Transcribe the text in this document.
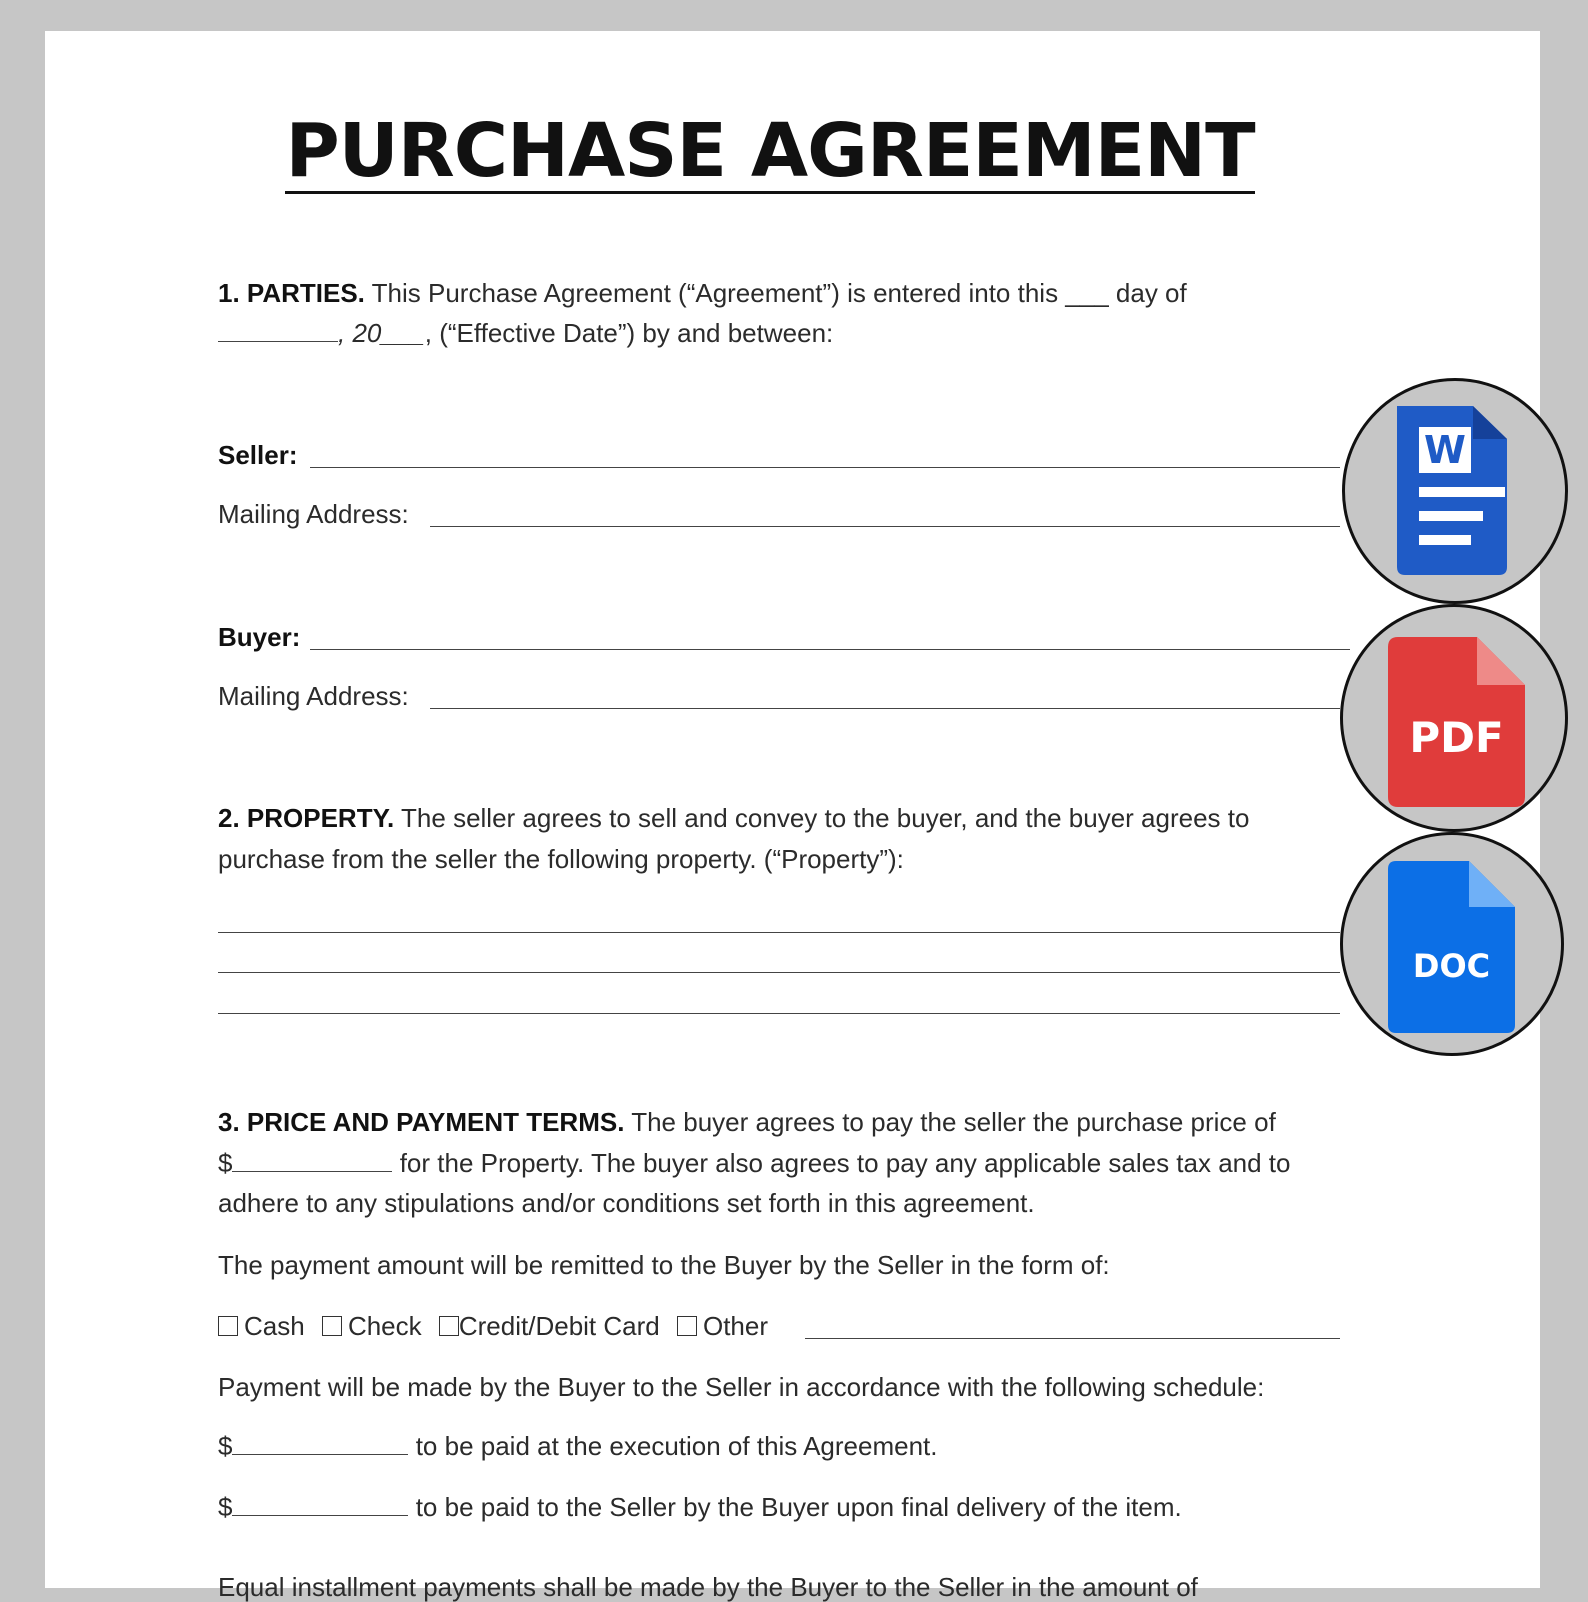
PURCHASE AGREEMENT
1. PARTIES. This Purchase Agreement (“Agreement”) is entered into this ___ day of
, 20___, (“Effective Date”) by and between:
Seller:
Mailing Address:
Buyer:
Mailing Address:
2. PROPERTY. The seller agrees to sell and convey to the buyer, and the buyer agrees to
purchase from the seller the following property. (“Property”):
3. PRICE AND PAYMENT TERMS. The buyer agrees to pay the seller the purchase price of
$	for the Property. The buyer also agrees to pay any applicable sales tax and to
adhere to any stipulations and/or conditions set forth in this agreement.
The payment amount will be remitted to the Buyer by the Seller in the form of:
Cash Check Credit/Debit Card Other
Payment will be made by the Buyer to the Seller in accordance with the following schedule:
$	to be paid at the execution of this Agreement.
$	to be paid to the Seller by the Buyer upon final delivery of the item.
Equal installment payments shall be made by the Buyer to the Seller in the amount of
W
PDF
DOC
